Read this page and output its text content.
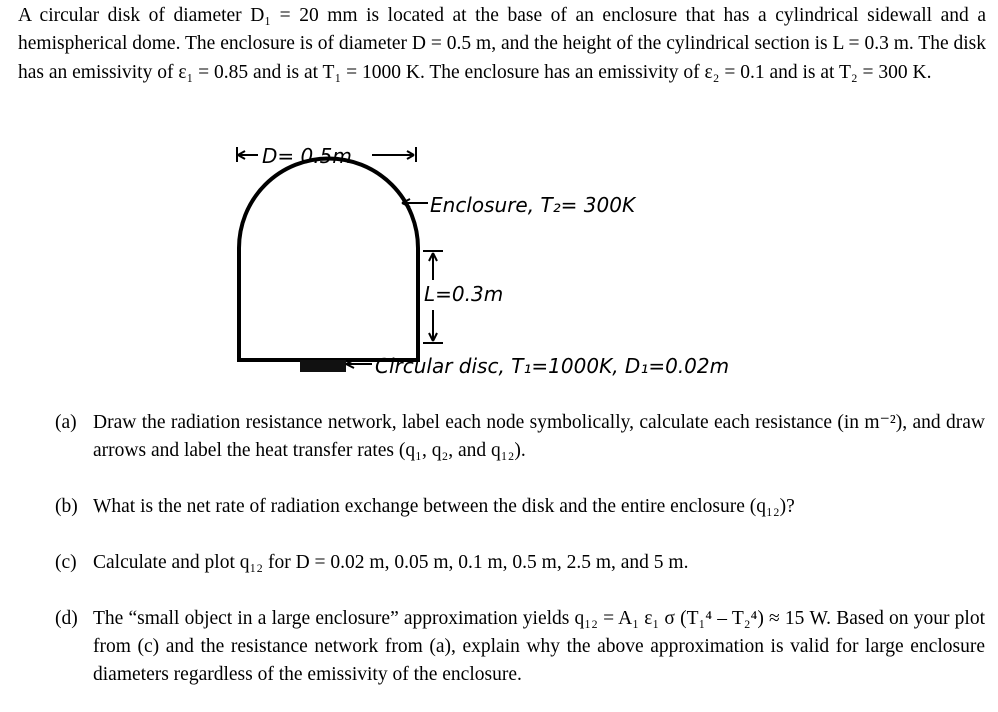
A circular disk of diameter D₁ = 20 mm is located at the base of an enclosure that has a cylindrical sidewall and a hemispherical dome. The enclosure is of diameter D = 0.5 m, and the height of the cylindrical section is L = 0.3 m. The disk has an emissivity of ε₁ = 0.85 and is at T₁ = 1000 K. The enclosure has an emissivity of ε₂ = 0.1 and is at T₂ = 300 K.
D= 0.5m
Enclosure, T₂= 300K
L=0.3m
Circular disc, T₁=1000K, D₁=0.02m
(a) Draw the radiation resistance network, label each node symbolically, calculate each resistance (in m⁻²), and draw arrows and label the heat transfer rates (q₁, q₂, and q₁₂).
(b) What is the net rate of radiation exchange between the disk and the entire enclosure (q₁₂)?
(c) Calculate and plot q₁₂ for D = 0.02 m, 0.05 m, 0.1 m, 0.5 m, 2.5 m, and 5 m.
(d) The “small object in a large enclosure” approximation yields q₁₂ = A₁ ε₁ σ (T₁⁴ – T₂⁴) ≈ 15 W. Based on your plot from (c) and the resistance network from (a), explain why the above approximation is valid for large enclosure diameters regardless of the emissivity of the enclosure.
